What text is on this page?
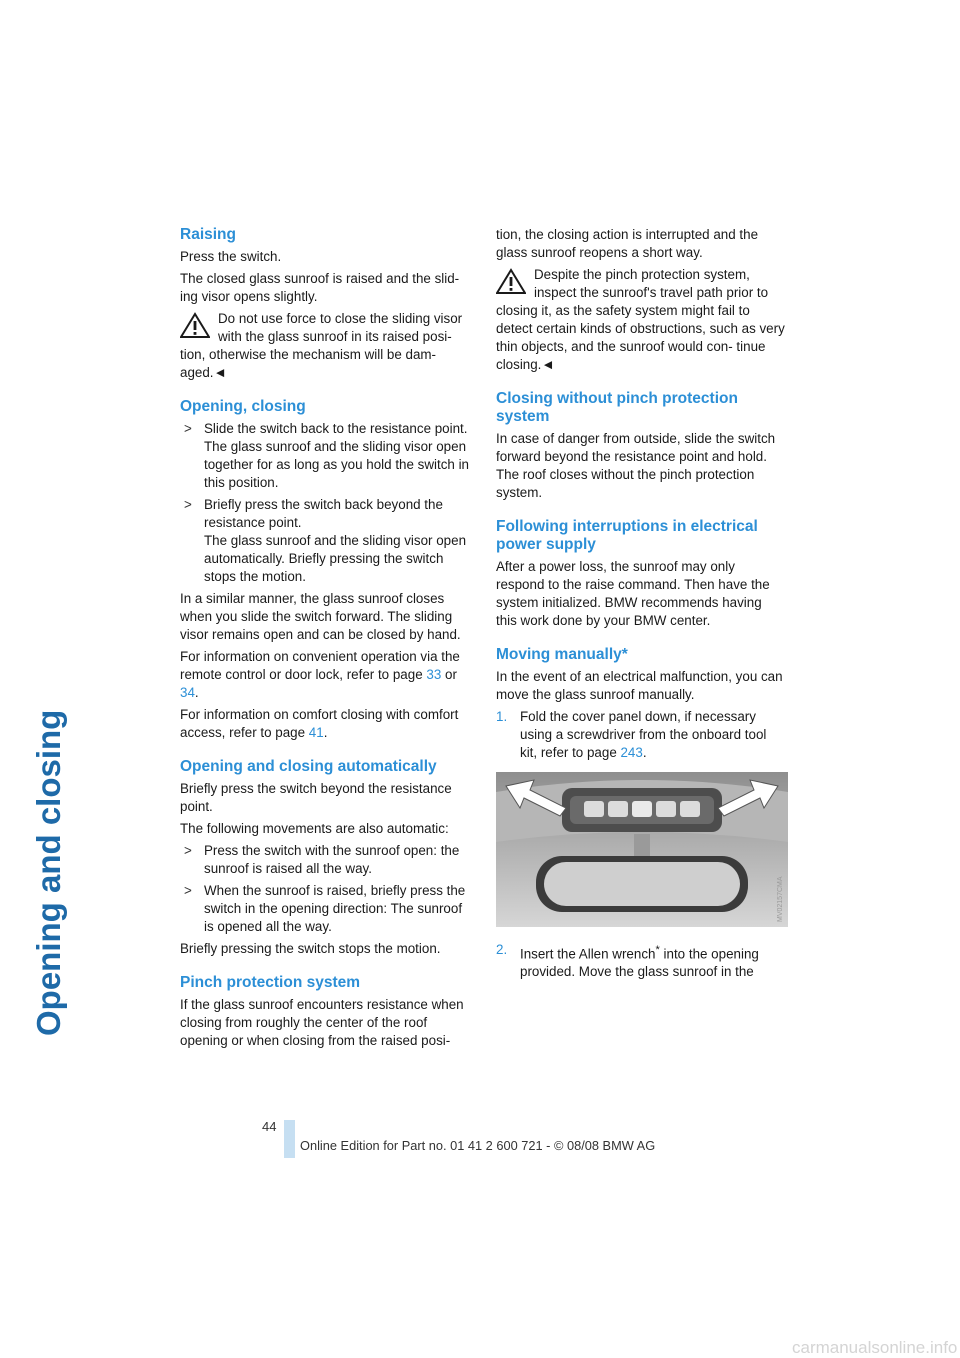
Opening and closing
Raising

Press the switch.

The closed glass sunroof is raised and the slid- ing visor opens slightly.

Do not use force to close the sliding visor
with the glass sunroof in its raised posi-

tion, otherwise the mechanism will be dam- aged.◄

Opening, closing
> Slide the switch back to the resistance point.
The glass sunroof and the sliding visor open together for as long as you hold the switch in this position.
> Briefly press the switch back beyond the resistance point.
The glass sunroof and the sliding visor open automatically. Briefly pressing the switch stops the motion.

In a similar manner, the glass sunroof closes when you slide the switch forward. The sliding visor remains open and can be closed by hand.

For information on convenient operation via the remote control or door lock, refer to page 33 or 34.

For information on comfort closing with comfort access, refer to page 41.

Opening and closing automatically

Briefly press the switch beyond the resistance point.

The following movements are also automatic:

> Press the switch with the sunroof open: the sunroof is raised all the way.
> When the sunroof is raised, briefly press the switch in the opening direction: The sunroof is opened all the way.

Briefly pressing the switch stops the motion.

Pinch protection system

If the glass sunroof encounters resistance when closing from roughly the center of the roof opening or when closing from the raised posi-

tion, the closing action is interrupted and the glass sunroof reopens a short way.

Despite the pinch protection system,
inspect the sunroof's travel path prior to

closing it, as the safety system might fail to detect certain kinds of obstructions, such as very thin objects, and the sunroof would con- tinue closing.◄

Closing without pinch protection system

In case of danger from outside, slide the switch forward beyond the resistance point and hold. The roof closes without the pinch protection system.

Following interruptions in electrical power supply

After a power loss, the sunroof may only respond to the raise command. Then have the system initialized. BMW recommends having this work done by your BMW center.

Moving manually*

In the event of an electrical malfunction, you can move the glass sunroof manually.

1. Fold the cover panel down, if necessary using a screwdriver from the onboard tool kit, refer to page 243.
MV02157CMA
2. Insert the Allen wrench* into the opening provided. Move the glass sunroof in the
44
Online Edition for Part no. 01 41 2 600 721 - © 08/08 BMW AG
carmanualsonline.info
